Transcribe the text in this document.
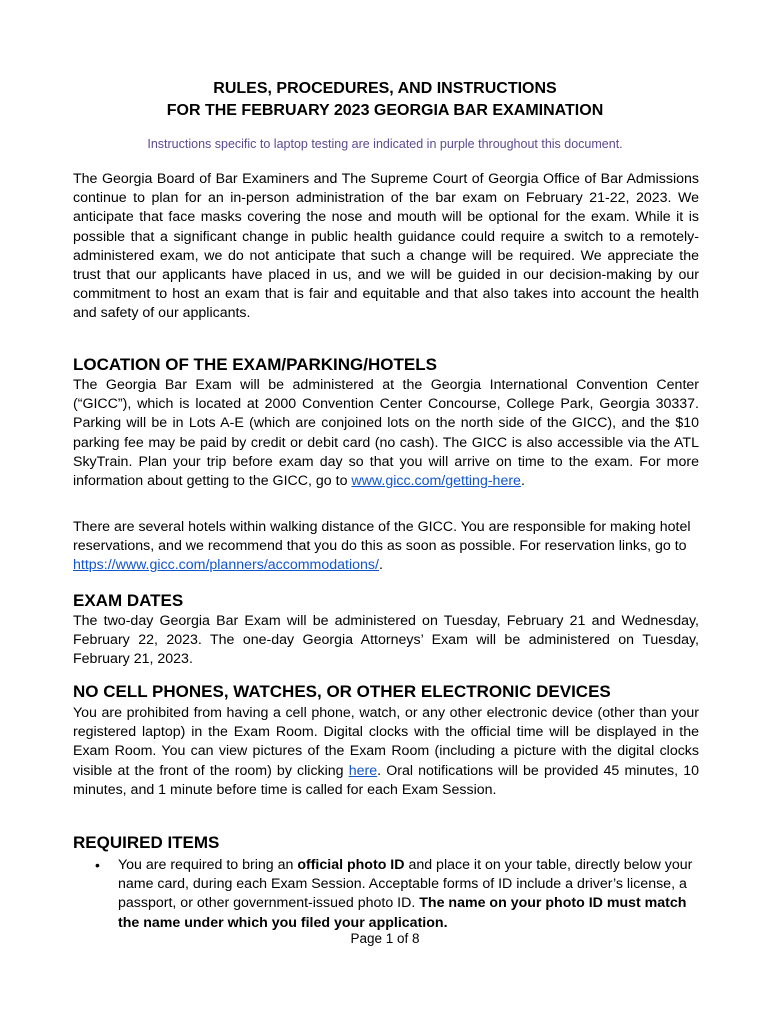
RULES, PROCEDURES, AND INSTRUCTIONS
FOR THE FEBRUARY 2023 GEORGIA BAR EXAMINATION
Instructions specific to laptop testing are indicated in purple throughout this document.

The Georgia Board of Bar Examiners and The Supreme Court of Georgia Office of Bar Admissions continue to plan for an in-person administration of the bar exam on February 21-22, 2023. We anticipate that face masks covering the nose and mouth will be optional for the exam. While it is possible that a significant change in public health guidance could require a switch to a remotely-administered exam, we do not anticipate that such a change will be required. We appreciate the trust that our applicants have placed in us, and we will be guided in our decision-making by our commitment to host an exam that is fair and equitable and that also takes into account the health and safety of our applicants.

LOCATION OF THE EXAM/PARKING/HOTELS

The Georgia Bar Exam will be administered at the Georgia International Convention Center (“GICC”), which is located at 2000 Convention Center Concourse, College Park, Georgia 30337. Parking will be in Lots A-E (which are conjoined lots on the north side of the GICC), and the $10 parking fee may be paid by credit or debit card (no cash). The GICC is also accessible via the ATL SkyTrain. Plan your trip before exam day so that you will arrive on time to the exam. For more information about getting to the GICC, go to www.gicc.com/getting-here.

There are several hotels within walking distance of the GICC. You are responsible for making hotel reservations, and we recommend that you do this as soon as possible. For reservation links, go to https://www.gicc.com/planners/accommodations/.

EXAM DATES

The two-day Georgia Bar Exam will be administered on Tuesday, February 21 and Wednesday, February 22, 2023. The one-day Georgia Attorneys’ Exam will be administered on Tuesday, February 21, 2023.

NO CELL PHONES, WATCHES, OR OTHER ELECTRONIC DEVICES

You are prohibited from having a cell phone, watch, or any other electronic device (other than your registered laptop) in the Exam Room. Digital clocks with the official time will be displayed in the Exam Room. You can view pictures of the Exam Room (including a picture with the digital clocks visible at the front of the room) by clicking here. Oral notifications will be provided 45 minutes, 10 minutes, and 1 minute before time is called for each Exam Session.

REQUIRED ITEMS
• You are required to bring an official photo ID and place it on your table, directly below your name card, during each Exam Session. Acceptable forms of ID include a driver’s license, a passport, or other government-issued photo ID. The name on your photo ID must match the name under which you filed your application.
Page 1 of 8
